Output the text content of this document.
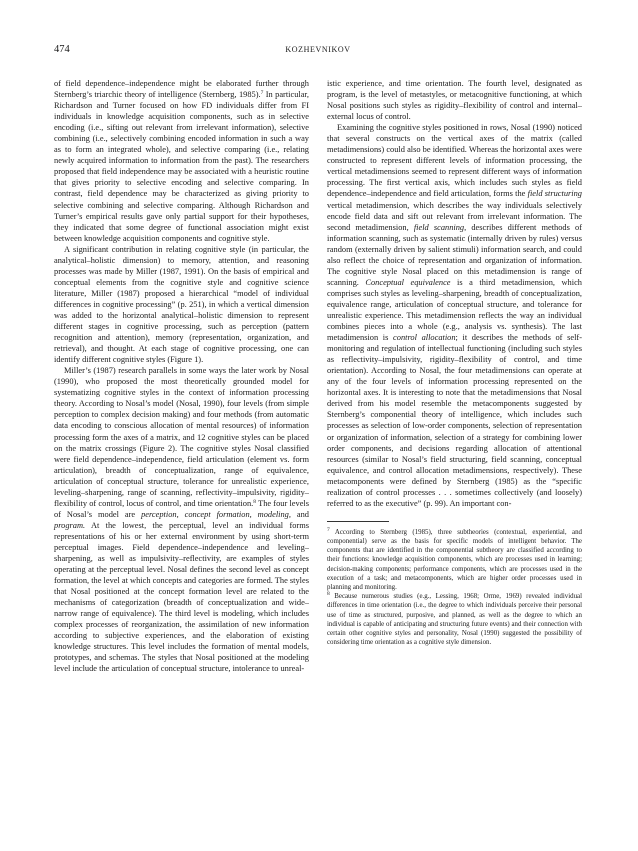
474	KOZHEVNIKOV

of field dependence–independence might be elaborated further through Sternberg’s triarchic theory of intelligence (Sternberg, 1985).$^7$ In particular, Richardson and Turner focused on how FD individuals differ from FI individuals in knowledge acquisition components, such as in selective encoding (i.e., sifting out relevant from irrelevant information), selective combining (i.e., selectively combining encoded information in such a way as to form an integrated whole), and selective comparing (i.e., relating newly acquired information to information from the past). The researchers proposed that field independence may be associated with a heuristic routine that gives priority to selective encoding and selective comparing. In contrast, field dependence may be characterized as giving priority to selective combining and selective comparing. Although Richardson and Turner’s empirical results gave only partial support for their hypotheses, they indicated that some degree of functional association might exist between knowledge acquisition components and cognitive style.

A significant contribution in relating cognitive style (in particular, the analytical–holistic dimension) to memory, attention, and reasoning processes was made by Miller (1987, 1991). On the basis of empirical and conceptual elements from the cognitive style and cognitive science literature, Miller (1987) proposed a hierarchical “model of individual differences in cognitive processing” (p. 251), in which a vertical dimension was added to the horizontal analytical–holistic dimension to represent different stages in cognitive processing, such as perception (pattern recognition and attention), memory (representation, organization, and retrieval), and thought. At each stage of cognitive processing, one can identify different cognitive styles (Figure 1).

Miller’s (1987) research parallels in some ways the later work by Nosal (1990), who proposed the most theoretically grounded model for systematizing cognitive styles in the context of information processing theory. According to Nosal’s model (Nosal, 1990), four levels (from simple perception to complex decision making) and four methods (from automatic data encoding to conscious allocation of mental resources) of information processing form the axes of a matrix, and 12 cognitive styles can be placed on the matrix crossings (Figure 2). The cognitive styles Nosal classified were field dependence–independence, field articulation (element vs. form articulation), breadth of conceptualization, range of equivalence, articulation of conceptual structure, tolerance for unrealistic experience, leveling–sharpening, range of scanning, reflectivity–impulsivity, rigidity–flexibility of control, locus of control, and time orientation.$^8$ The four levels of Nosal’s model are perception, concept formation, modeling, and program. At the lowest, the perceptual, level an individual forms representations of his or her external environment by using short-term perceptual images. Field dependence–independence and leveling–sharpening, as well as impulsivity–reflectivity, are examples of styles operating at the perceptual level. Nosal defines the second level as concept formation, the level at which concepts and categories are formed. The styles that Nosal positioned at the concept formation level are related to the mechanisms of categorization (breadth of conceptualization and wide–narrow range of equivalence). The third level is modeling, which includes complex processes of reorganization, the assimilation of new information according to subjective experiences, and the elaboration of existing knowledge structures. This level includes the formation of mental models, prototypes, and schemas. The styles that Nosal positioned at the modeling level include the articulation of conceptual structure, intolerance to unreal-

istic experience, and time orientation. The fourth level, designated as program, is the level of metastyles, or metacognitive functioning, at which Nosal positions such styles as rigidity–flexibility of control and internal–external locus of control.

Examining the cognitive styles positioned in rows, Nosal (1990) noticed that several constructs on the vertical axes of the matrix (called metadimensions) could also be identified. Whereas the horizontal axes were constructed to represent different levels of information processing, the vertical metadimensions seemed to represent different ways of information processing. The first vertical axis, which includes such styles as field dependence–independence and field articulation, forms the field structuring vertical metadimension, which describes the way individuals selectively encode field data and sift out relevant from irrelevant information. The second metadimension, field scanning, describes different methods of information scanning, such as systematic (internally driven by rules) versus random (externally driven by salient stimuli) information search, and could also reflect the choice of representation and organization of information. The cognitive style Nosal placed on this metadimension is range of scanning. Conceptual equivalence is a third metadimension, which comprises such styles as leveling–sharpening, breadth of conceptualization, equivalence range, articulation of conceptual structure, and tolerance for unrealistic experience. This metadimension reflects the way an individual combines pieces into a whole (e.g., analysis vs. synthesis). The last metadimension is control allocation; it describes the methods of self-monitoring and regulation of intellectual functioning (including such styles as reflectivity–impulsivity, rigidity–flexibility of control, and time orientation). According to Nosal, the four metadimensions can operate at any of the four levels of information processing represented on the horizontal axes. It is interesting to note that the metadimensions that Nosal derived from his model resemble the metacomponents suggested by Sternberg’s componential theory of intelligence, which includes such processes as selection of low-order components, selection of representation or organization of information, selection of a strategy for combining lower order components, and decisions regarding allocation of attentional resources (similar to Nosal’s field structuring, field scanning, conceptual equivalence, and control allocation metadimensions, respectively). These metacomponents were defined by Sternberg (1985) as the “specific realization of control processes . . . sometimes collectively (and loosely) referred to as the executive” (p. 99). An important con-

$^7$ According to Sternberg (1985), three subtheories (contextual, experiential, and componential) serve as the basis for specific models of intelligent behavior. The components that are identified in the componential subtheory are classified according to their functions: knowledge acquisition components, which are processes used in learning; decision-making components; performance components, which are processes used in the execution of a task; and metacomponents, which are higher order processes used in planning and monitoring.

$^8$ Because numerous studies (e.g., Lessing, 1968; Orme, 1969) revealed individual differences in time orientation (i.e., the degree to which individuals perceive their personal use of time as structured, purposive, and planned, as well as the degree to which an individual is capable of anticipating and structuring future events) and their connection with certain other cognitive styles and personality, Nosal (1990) suggested the possibility of considering time orientation as a cognitive style dimension.
